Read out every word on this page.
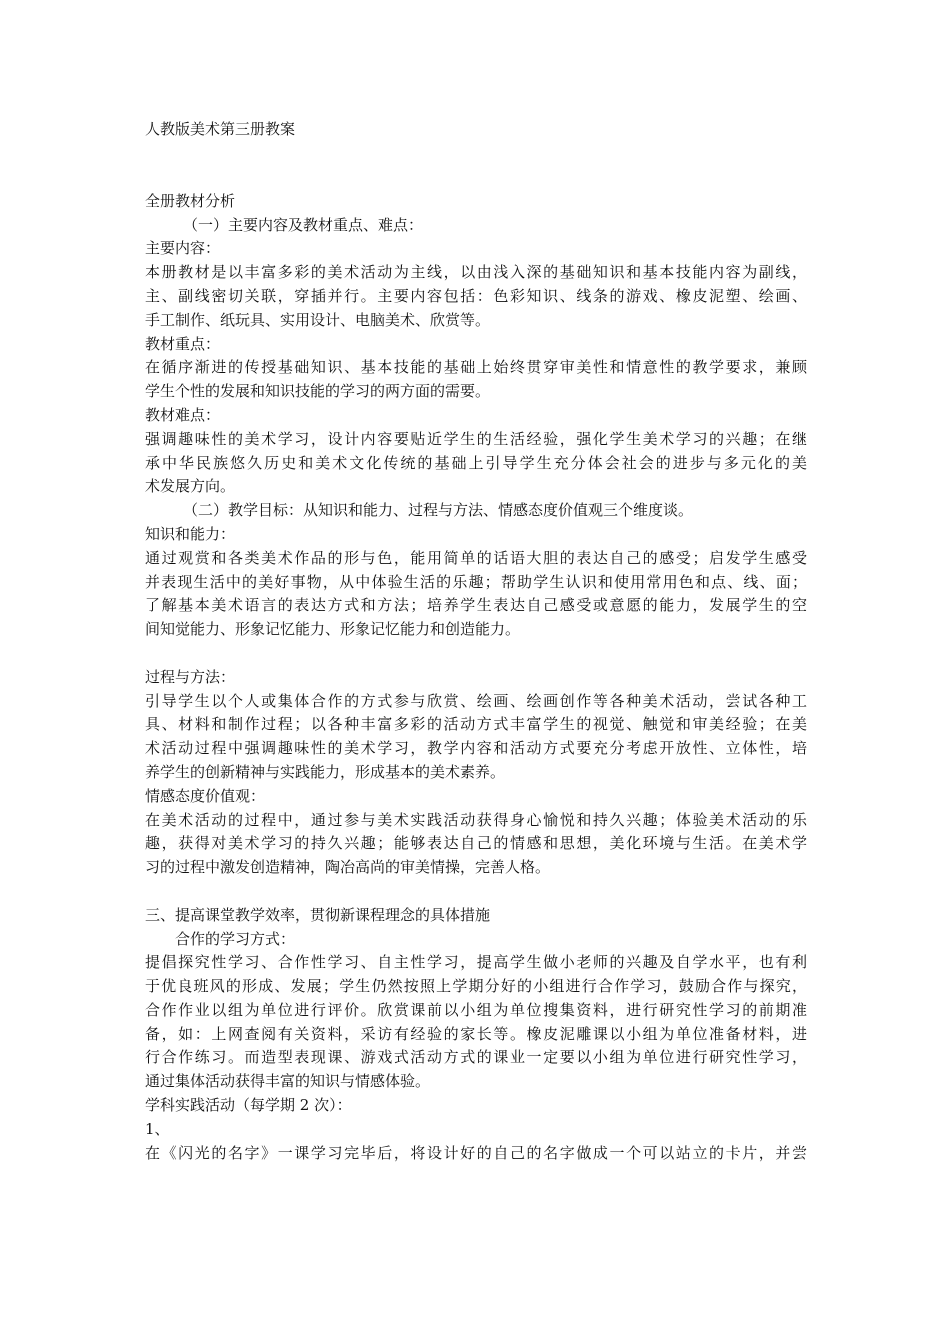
人教版美术第三册教案
全册教材分析
（一）主要内容及教材重点、难点：
主要内容：
本册教材是以丰富多彩的美术活动为主线，以由浅入深的基础知识和基本技能内容为副线，
主、副线密切关联，穿插并行。主要内容包括：色彩知识、线条的游戏、橡皮泥塑、绘画、
手工制作、纸玩具、实用设计、电脑美术、欣赏等。
教材重点：
在循序渐进的传授基础知识、基本技能的基础上始终贯穿审美性和情意性的教学要求，兼顾
学生个性的发展和知识技能的学习的两方面的需要。
教材难点：
强调趣味性的美术学习，设计内容要贴近学生的生活经验，强化学生美术学习的兴趣；在继
承中华民族悠久历史和美术文化传统的基础上引导学生充分体会社会的进步与多元化的美
术发展方向。
（二）教学目标：从知识和能力、过程与方法、情感态度价值观三个维度谈。
知识和能力：
通过观赏和各类美术作品的形与色，能用简单的话语大胆的表达自己的感受；启发学生感受
并表现生活中的美好事物，从中体验生活的乐趣；帮助学生认识和使用常用色和点、线、面；
了解基本美术语言的表达方式和方法；培养学生表达自己感受或意愿的能力，发展学生的空
间知觉能力、形象记忆能力、形象记忆能力和创造能力。
过程与方法：
引导学生以个人或集体合作的方式参与欣赏、绘画、绘画创作等各种美术活动，尝试各种工
具、材料和制作过程；以各种丰富多彩的活动方式丰富学生的视觉、触觉和审美经验；在美
术活动过程中强调趣味性的美术学习，教学内容和活动方式要充分考虑开放性、立体性，培
养学生的创新精神与实践能力，形成基本的美术素养。
情感态度价值观：
在美术活动的过程中，通过参与美术实践活动获得身心愉悦和持久兴趣；体验美术活动的乐
趣，获得对美术学习的持久兴趣；能够表达自己的情感和思想，美化环境与生活。在美术学
习的过程中激发创造精神，陶冶高尚的审美情操，完善人格。
三、提高课堂教学效率，贯彻新课程理念的具体措施
合作的学习方式：
提倡探究性学习、合作性学习、自主性学习，提高学生做小老师的兴趣及自学水平，也有利
于优良班风的形成、发展；学生仍然按照上学期分好的小组进行合作学习，鼓励合作与探究，
合作作业以组为单位进行评价。欣赏课前以小组为单位搜集资料，进行研究性学习的前期准
备，如：上网查阅有关资料，采访有经验的家长等。橡皮泥雕课以小组为单位准备材料，进
行合作练习。而造型表现课、游戏式活动方式的课业一定要以小组为单位进行研究性学习，
通过集体活动获得丰富的知识与情感体验。
学科实践活动（每学期 2 次）：
1、
在《闪光的名字》一课学习完毕后，将设计好的自己的名字做成一个可以站立的卡片，并尝
